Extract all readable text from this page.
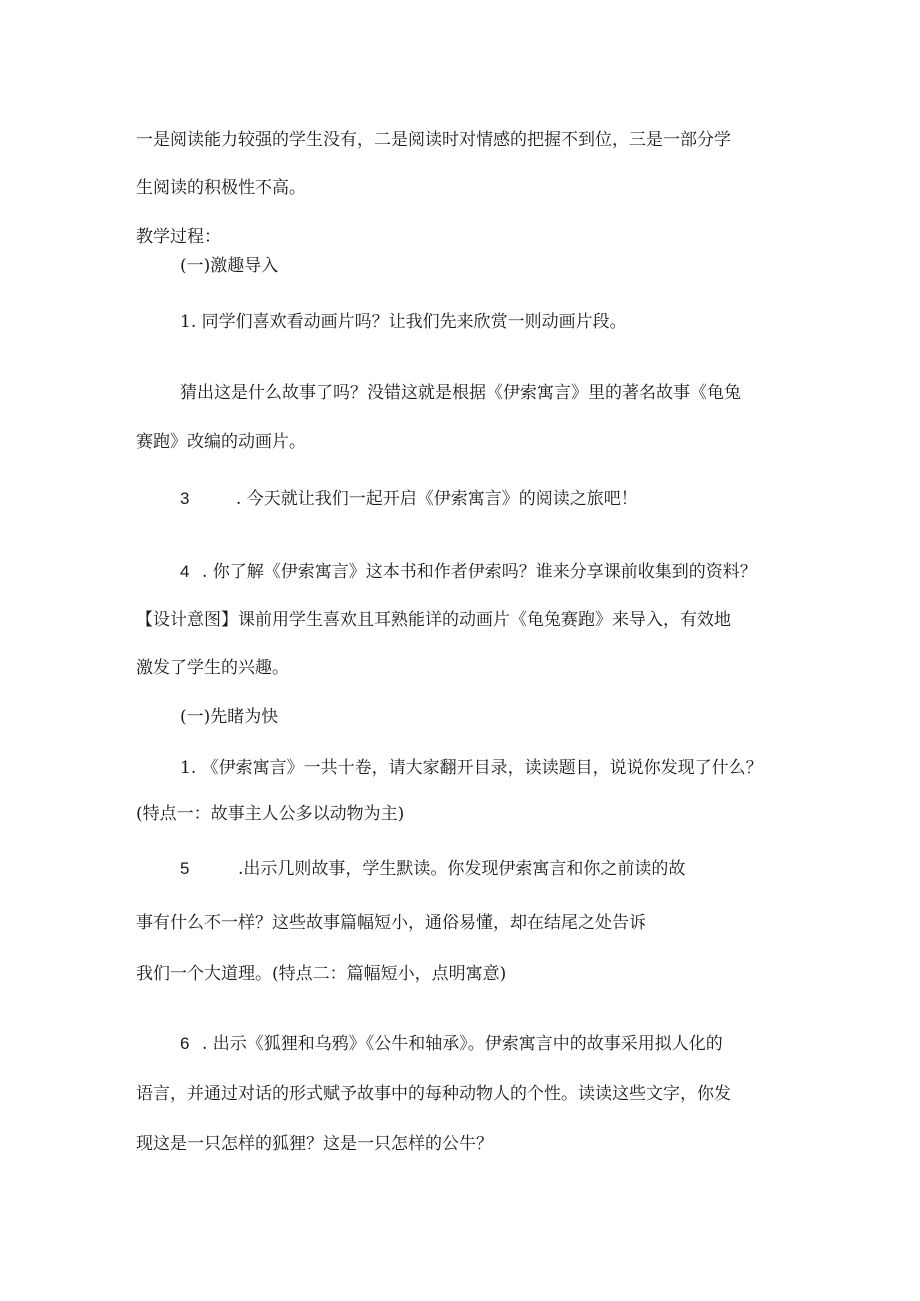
一是阅读能力较强的学生没有，二是阅读时对情感的把握不到位，三是一部分学

生阅读的积极性不高。

教学过程：

(一)激趣导入

1. 同学们喜欢看动画片吗？让我们先来欣赏一则动画片段。

猜出这是什么故事了吗？没错这就是根据《伊索寓言》里的著名故事《龟兔

赛跑》改编的动画片。

3	. 今天就让我们一起开启《伊索寓言》的阅读之旅吧！

4 . 你了解《伊索寓言》这本书和作者伊索吗？谁来分享课前收集到的资料？

【设计意图】课前用学生喜欢且耳熟能详的动画片《龟兔赛跑》来导入，有效地

激发了学生的兴趣。

(一)先睹为快

1. 《伊索寓言》一共十卷，请大家翻开目录，读读题目，说说你发现了什么？

(特点一：故事主人公多以动物为主)

5	.出示几则故事，学生默读。你发现伊索寓言和你之前读的故

事有什么不一样？这些故事篇幅短小，通俗易懂，却在结尾之处告诉

我们一个大道理。(特点二：篇幅短小，点明寓意)

6 . 出示《狐狸和乌鸦》《公牛和轴承》。伊索寓言中的故事采用拟人化的

语言，并通过对话的形式赋予故事中的每种动物人的个性。读读这些文字，你发

现这是一只怎样的狐狸？这是一只怎样的公牛？
